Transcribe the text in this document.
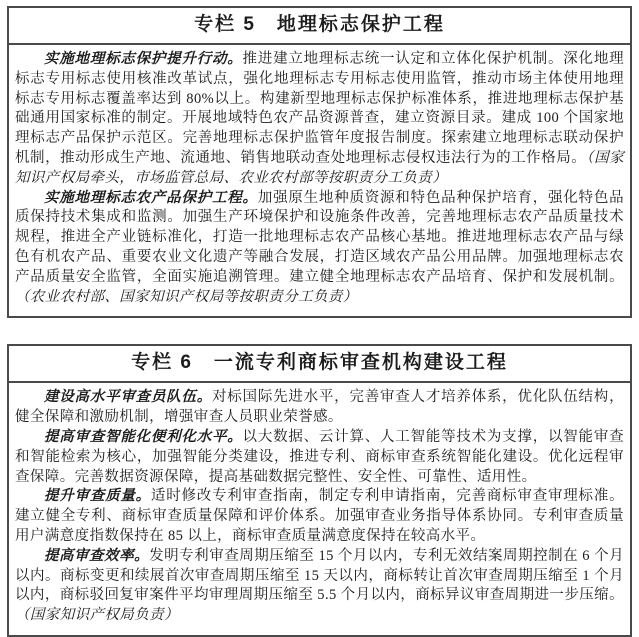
专栏 5　地理标志保护工程

实施地理标志保护提升行动。推进建立地理标志统一认定和立体化保护机制。深化地理标志专用标志使用核准改革试点，强化地理标志专用标志使用监管，推动市场主体使用地理标志专用标志覆盖率达到 80%以上。构建新型地理标志保护标准体系，推进地理标志保护基础通用国家标准的制定。开展地域特色农产品资源普查，建立资源目录。建成 100 个国家地理标志产品保护示范区。完善地理标志保护监管年度报告制度。探索建立地理标志联动保护机制，推动形成生产地、流通地、销售地联动查处地理标志侵权违法行为的工作格局。（国家知识产权局牵头，市场监管总局、农业农村部等按职责分工负责）

实施地理标志农产品保护工程。加强原生地种质资源和特色品种保护培育，强化特色品质保持技术集成和监测。加强生产环境保护和设施条件改善，完善地理标志农产品质量技术规程，推进全产业链标准化，打造一批地理标志农产品核心基地。推进地理标志农产品与绿色有机农产品、重要农业文化遗产等融合发展，打造区域农产品公用品牌。加强地理标志农产品质量安全监管，全面实施追溯管理。建立健全地理标志农产品培育、保护和发展机制。（农业农村部、国家知识产权局等按职责分工负责）

专栏 6　一流专利商标审查机构建设工程

建设高水平审查员队伍。对标国际先进水平，完善审查人才培养体系，优化队伍结构，健全保障和激励机制，增强审查人员职业荣誉感。

提高审查智能化便利化水平。以大数据、云计算、人工智能等技术为支撑，以智能审查和智能检索为核心，加强智能分类建设，推进专利、商标审查系统智能化建设。优化远程审查保障。完善数据资源保障，提高基础数据完整性、安全性、可靠性、适用性。

提升审查质量。适时修改专利审查指南，制定专利申请指南，完善商标审查审理标准。建立健全专利、商标审查质量保障和评价体系。加强审查业务指导体系协同。专利审查质量用户满意度指数保持在 85 以上，商标审查质量满意度保持在较高水平。

提高审查效率。发明专利审查周期压缩至 15 个月以内，专利无效结案周期控制在 6 个月以内。商标变更和续展首次审查周期压缩至 15 天以内，商标转让首次审查周期压缩至 1 个月以内，商标驳回复审案件平均审理周期压缩至 5.5 个月以内，商标异议审查周期进一步压缩。（国家知识产权局负责）
